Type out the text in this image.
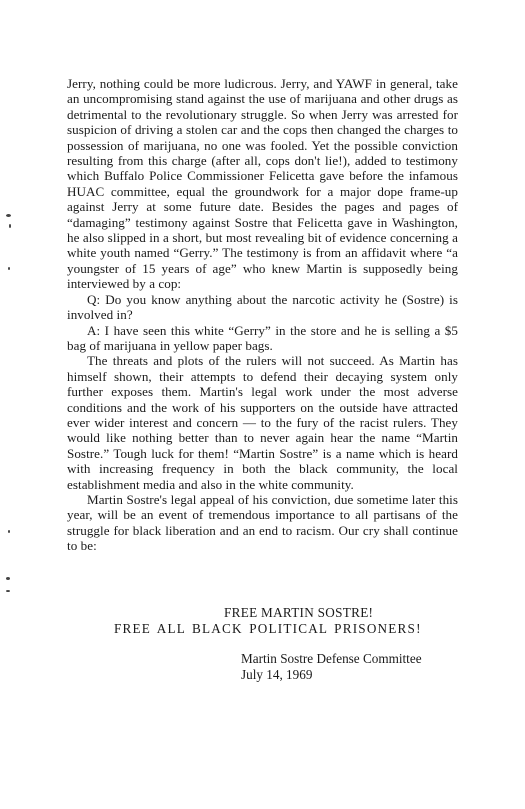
Jerry, nothing could be more ludicrous. Jerry, and YAWF in general, take an uncompromising stand against the use of marijuana and other drugs as detrimental to the revolutionary struggle. So when Jerry was arrested for suspicion of driving a stolen car and the cops then changed the charges to possession of marijuana, no one was fooled. Yet the possible conviction resulting from this charge (after all, cops don't lie!), added to testimony which Buffalo Police Commissioner Felicetta gave before the infamous HUAC committee, equal the groundwork for a major dope frame-up against Jerry at some future date. Besides the pages and pages of “damaging” testimony against Sostre that Felicetta gave in Washington, he also slipped in a short, but most revealing bit of evidence concerning a white youth named “Gerry.” The testimony is from an affidavit where “a youngster of 15 years of age” who knew Martin is supposedly being interviewed by a cop:

Q: Do you know anything about the narcotic activity he (Sostre) is involved in?

A: I have seen this white “Gerry” in the store and he is selling a $5 bag of marijuana in yellow paper bags.

The threats and plots of the rulers will not succeed. As Martin has himself shown, their attempts to defend their decaying system only further exposes them. Martin's legal work under the most adverse conditions and the work of his supporters on the outside have attracted ever wider interest and concern — to the fury of the racist rulers. They would like nothing better than to never again hear the name “Martin Sostre.” Tough luck for them! “Martin Sostre” is a name which is heard with increasing frequency in both the black community, the local establishment media and also in the white community.

Martin Sostre's legal appeal of his conviction, due sometime later this year, will be an event of tremendous importance to all partisans of the struggle for black liberation and an end to racism. Our cry shall continue to be:

FREE MARTIN SOSTRE!
FREE ALL BLACK POLITICAL PRISONERS!
Martin Sostre Defense Committee
July 14, 1969
